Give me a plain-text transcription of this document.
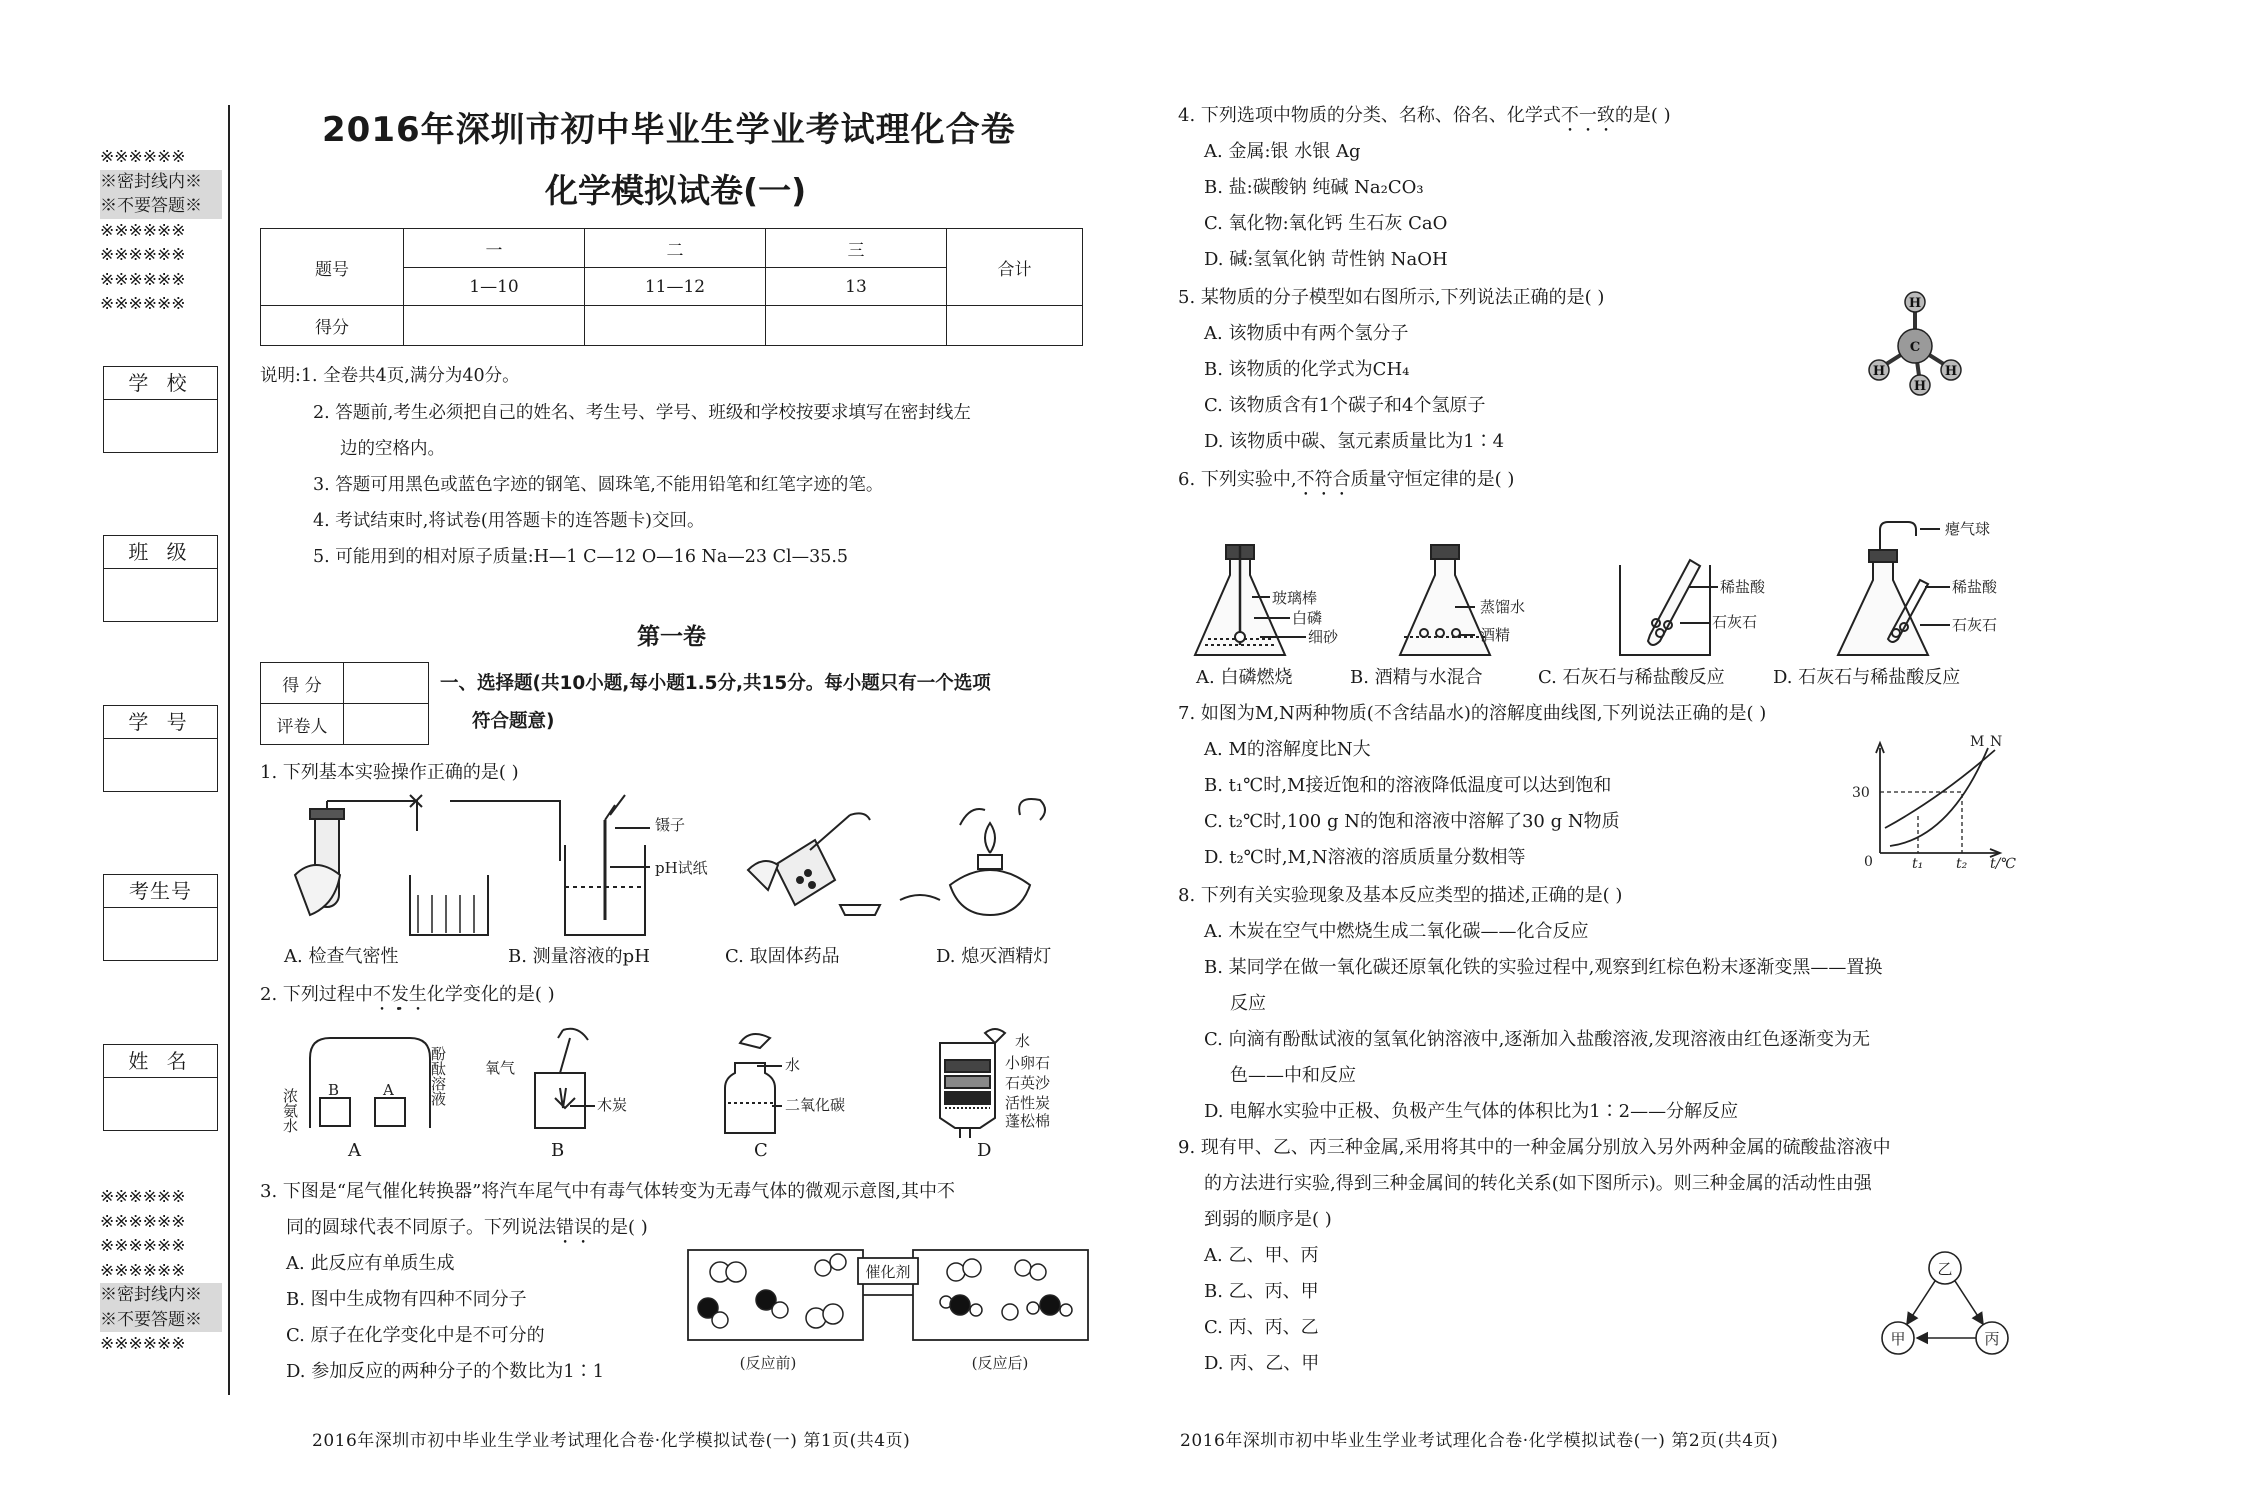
※※※※※※
※密封线内※
※不要答题※
※※※※※※
※※※※※※
※※※※※※
※※※※※※
※※※※※※
※※※※※※
※※※※※※
※※※※※※
※密封线内※
※不要答题※
※※※※※※
学 校
班 级
学 号
考生号
姓 名
2016年深圳市初中毕业生学业考试理化合卷
化学模拟试卷(一)
题号	一	二	三	合计
	1—10	11—12	13	
得分				
说明:1. 全卷共4页,满分为40分。
2. 答题前,考生必须把自己的姓名、考生号、学号、班级和学校按要求填写在密封线左
边的空格内。
3. 答题可用黑色或蓝色字迹的钢笔、圆珠笔,不能用铅笔和红笔字迹的笔。
4. 考试结束时,将试卷(用答题卡的连答题卡)交回。
5. 可能用到的相对原子质量:H—1 C—12 O—16 Na—23 Cl—35.5
第一卷
得 分	
评卷人	
一、选择题(共10小题,每小题1.5分,共15分。每小题只有一个选项
符合题意)
1. 下列基本实验操作正确的是( )
镊子
pH试纸
A. 检查气密性	B. 测量溶液的pH	C. 取固体药品	D. 熄灭酒精灯
2. 下列过程中不发生化学变化的是( )
B	A
浓氨水
酚酞溶液	氧气
木炭
水
二氧化碳
水
小卵石
石英沙
活性炭
蓬松棉
A	B	C	D
3. 下图是“尾气催化转换器”将汽车尾气中有毒气体转变为无毒气体的微观示意图,其中不
同的圆球代表不同原子。下列说法错误的是( )
A. 此反应有单质生成
B. 图中生成物有四种不同分子
C. 原子在化学变化中是不可分的
D. 参加反应的两种分子的个数比为1∶1
催化剂
(反应前)	(反应后)
2016年深圳市初中毕业生学业考试理化合卷·化学模拟试卷(一) 第1页(共4页)
4. 下列选项中物质的分类、名称、俗名、化学式不一致的是( )
A. 金属:银 水银 Ag
B. 盐:碳酸钠 纯碱 Na₂CO₃
C. 氧化物:氧化钙 生石灰 CaO
D. 碱:氢氧化钠 苛性钠 NaOH
5. 某物质的分子模型如右图所示,下列说法正确的是( )
A. 该物质中有两个氢分子
B. 该物质的化学式为CH₄
C. 该物质含有1个碳子和4个氢原子
D. 该物质中碳、氢元素质量比为1∶4
C
H
H	H
H
6. 下列实验中,不符合质量守恒定律的是( )
玻璃棒
白磷
细砂
蒸馏水
酒精
稀盐酸
石灰石
瘪气球
稀盐酸
石灰石
A. 白磷燃烧	B. 酒精与水混合	C. 石灰石与稀盐酸反应	D. 石灰石与稀盐酸反应
7. 如图为M,N两种物质(不含结晶水)的溶解度曲线图,下列说法正确的是( )
A. M的溶解度比N大
B. t₁℃时,M接近饱和的溶液降低温度可以达到饱和
C. t₂℃时,100 g N的饱和溶液中溶解了30 g N物质
D. t₂℃时,M,N溶液的溶质质量分数相等
30
0	t₁ t₂ t/℃
M N
8. 下列有关实验现象及基本反应类型的描述,正确的是( )
A. 木炭在空气中燃烧生成二氧化碳——化合反应
B. 某同学在做一氧化碳还原氧化铁的实验过程中,观察到红棕色粉末逐渐变黑——置换
反应
C. 向滴有酚酞试液的氢氧化钠溶液中,逐渐加入盐酸溶液,发现溶液由红色逐渐变为无
色——中和反应
D. 电解水实验中正极、负极产生气体的体积比为1∶2——分解反应
9. 现有甲、乙、丙三种金属,采用将其中的一种金属分别放入另外两种金属的硫酸盐溶液中
的方法进行实验,得到三种金属间的转化关系(如下图所示)。则三种金属的活动性由强
到弱的顺序是( )
A. 乙、甲、丙
B. 乙、丙、甲
C. 丙、丙、乙
D. 丙、乙、甲
乙
甲	丙
2016年深圳市初中毕业生学业考试理化合卷·化学模拟试卷(一) 第2页(共4页)
